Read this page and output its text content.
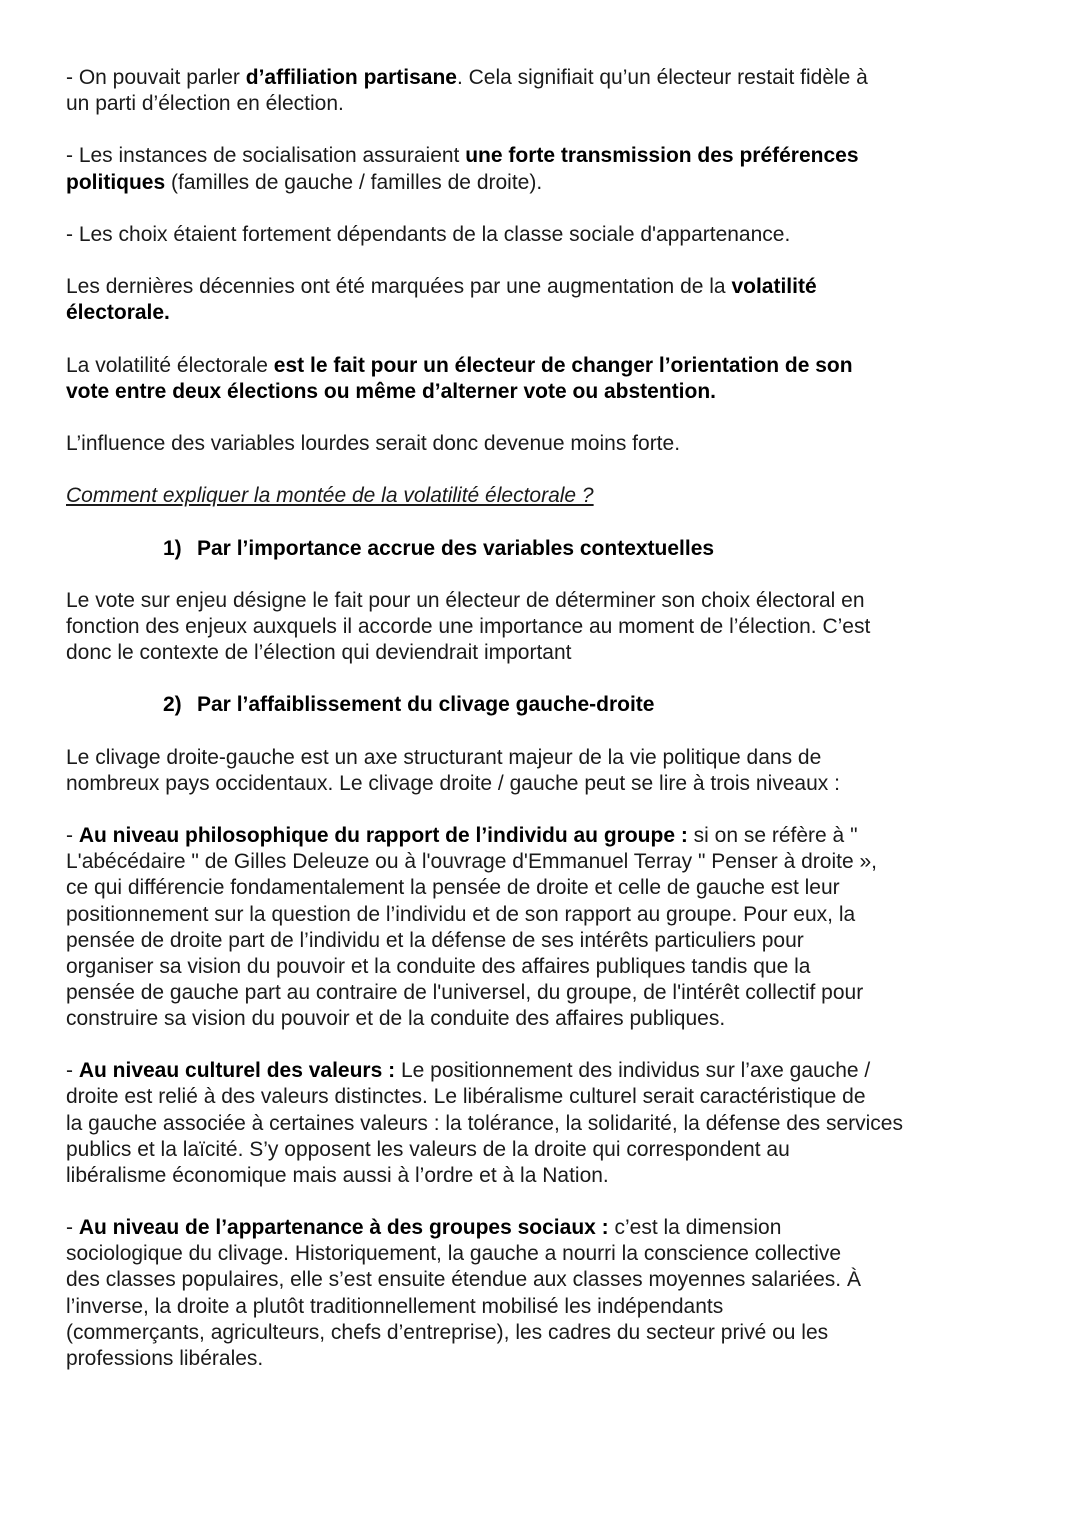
- On pouvait parler d’affiliation partisane. Cela signifiait qu’un électeur restait fidèle à
un parti d’élection en élection.
- Les instances de socialisation assuraient une forte transmission des préférences
politiques (familles de gauche / familles de droite).
- Les choix étaient fortement dépendants de la classe sociale d'appartenance.
Les dernières décennies ont été marquées par une augmentation de la volatilité
électorale.
La volatilité électorale est le fait pour un électeur de changer l’orientation de son
vote entre deux élections ou même d’alterner vote ou abstention.
L’influence des variables lourdes serait donc devenue moins forte.
Comment expliquer la montée de la volatilité électorale ?
1) Par l’importance accrue des variables contextuelles
Le vote sur enjeu désigne le fait pour un électeur de déterminer son choix électoral en
fonction des enjeux auxquels il accorde une importance au moment de l’élection. C’est
donc le contexte de l’élection qui deviendrait important
2) Par l’affaiblissement du clivage gauche-droite
Le clivage droite-gauche est un axe structurant majeur de la vie politique dans de
nombreux pays occidentaux. Le clivage droite / gauche peut se lire à trois niveaux :
- Au niveau philosophique du rapport de l’individu au groupe : si on se réfère à "
L'abécédaire " de Gilles Deleuze ou à l'ouvrage d'Emmanuel Terray " Penser à droite »,
ce qui différencie fondamentalement la pensée de droite et celle de gauche est leur
positionnement sur la question de l’individu et de son rapport au groupe. Pour eux, la
pensée de droite part de l’individu et la défense de ses intérêts particuliers pour
organiser sa vision du pouvoir et la conduite des affaires publiques tandis que la
pensée de gauche part au contraire de l'universel, du groupe, de l'intérêt collectif pour
construire sa vision du pouvoir et de la conduite des affaires publiques.
- Au niveau culturel des valeurs : Le positionnement des individus sur l’axe gauche /
droite est relié à des valeurs distinctes. Le libéralisme culturel serait caractéristique de
la gauche associée à certaines valeurs : la tolérance, la solidarité, la défense des services
publics et la laïcité. S’y opposent les valeurs de la droite qui correspondent au
libéralisme économique mais aussi à l’ordre et à la Nation.
- Au niveau de l’appartenance à des groupes sociaux : c’est la dimension
sociologique du clivage. Historiquement, la gauche a nourri la conscience collective
des classes populaires, elle s’est ensuite étendue aux classes moyennes salariées. À
l’inverse, la droite a plutôt traditionnellement mobilisé les indépendants
(commerçants, agriculteurs, chefs d’entreprise), les cadres du secteur privé ou les
professions libérales.
